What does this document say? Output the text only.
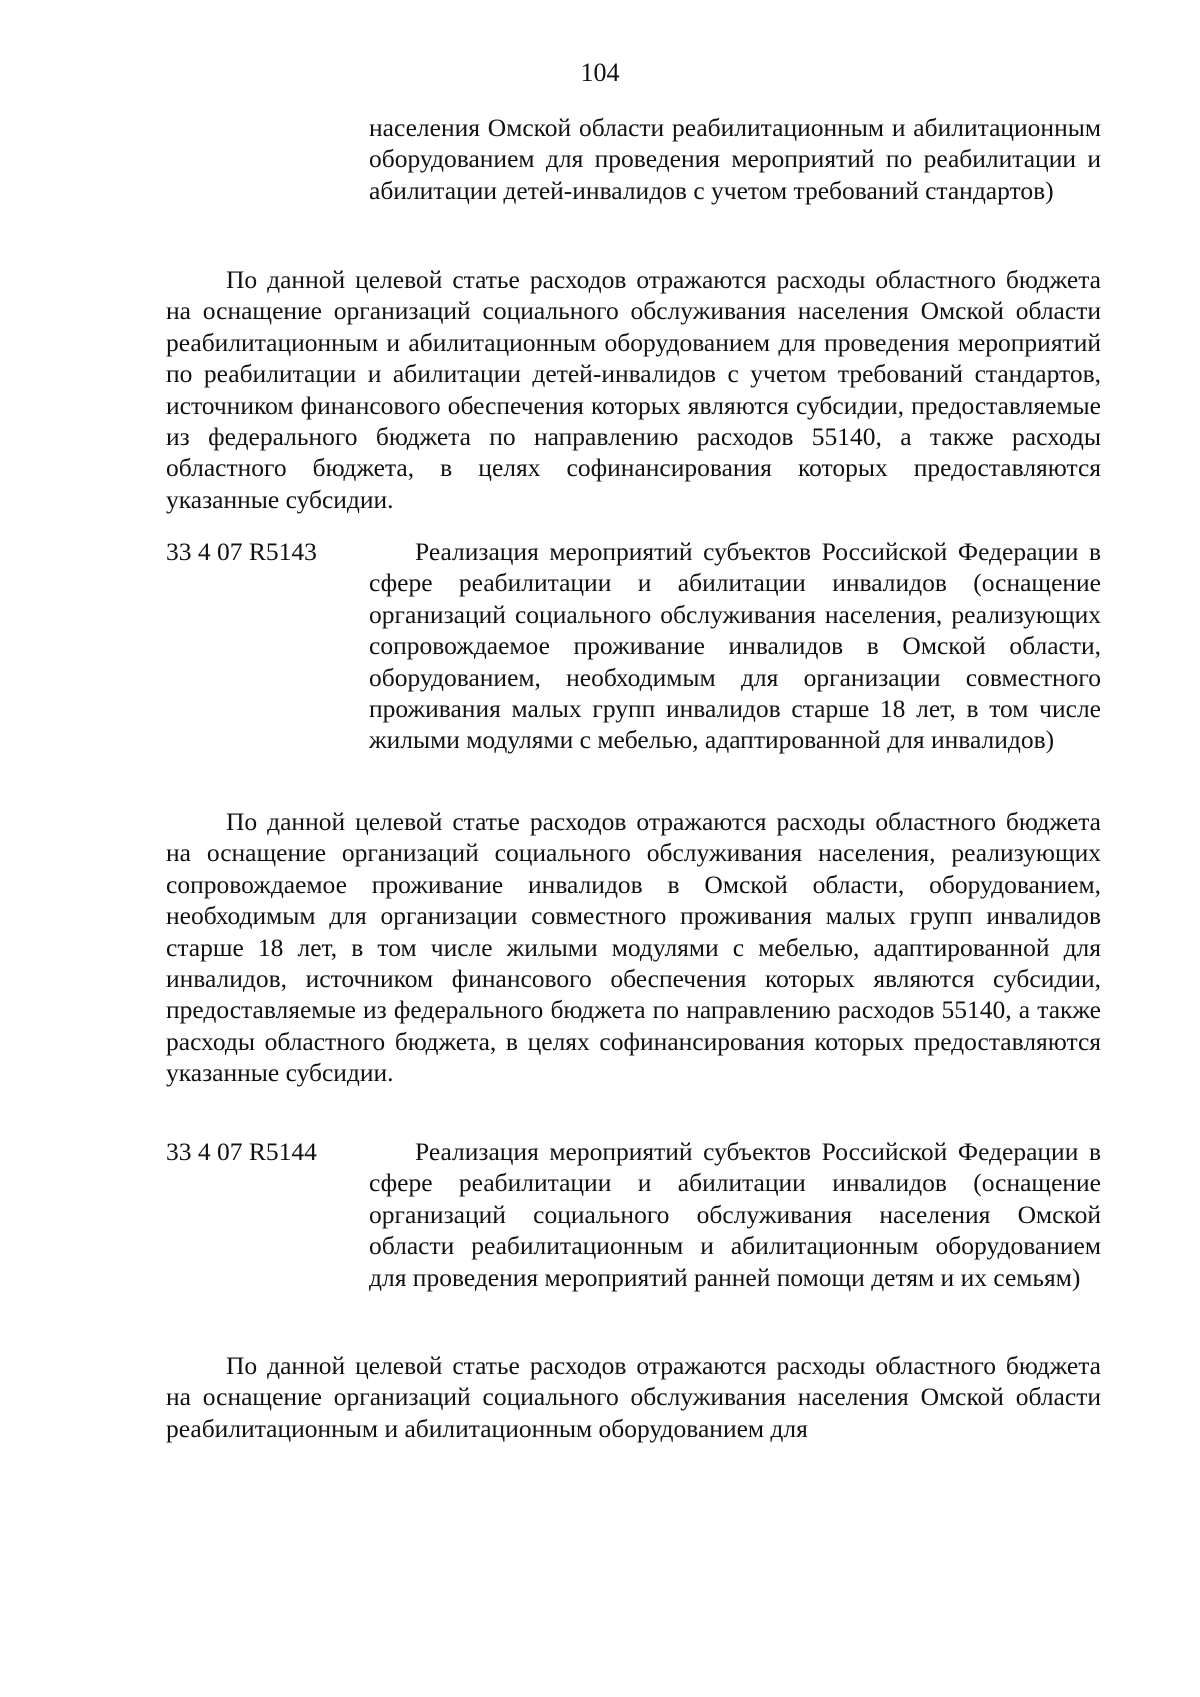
104
населения Омской области реабилитационным и абилитационным оборудованием для проведения мероприятий по реабилитации и абилитации детей-инвалидов с учетом требований стандартов)
По данной целевой статье расходов отражаются расходы областного бюджета на оснащение организаций социального обслуживания населения Омской области реабилитационным и абилитационным оборудованием для проведения мероприятий по реабилитации и абилитации детей-инвалидов с учетом требований стандартов, источником финансового обеспечения которых являются субсидии, предоставляемые из федерального бюджета по направлению расходов 55140, а также расходы областного бюджета, в целях софинансирования которых предоставляются указанные субсидии.
33 4 07 R5143	Реализация мероприятий субъектов Российской Федерации в сфере реабилитации и абилитации инвалидов (оснащение организаций социального обслуживания населения, реализующих сопровождаемое проживание инвалидов в Омской области, оборудованием, необходимым для организации совместного проживания малых групп инвалидов старше 18 лет, в том числе жилыми модулями с мебелью, адаптированной для инвалидов)
По данной целевой статье расходов отражаются расходы областного бюджета на оснащение организаций социального обслуживания населения, реализующих сопровождаемое проживание инвалидов в Омской области, оборудованием, необходимым для организации совместного проживания малых групп инвалидов старше 18 лет, в том числе жилыми модулями с мебелью, адаптированной для инвалидов, источником финансового обеспечения которых являются субсидии, предоставляемые из федерального бюджета по направлению расходов 55140, а также расходы областного бюджета, в целях софинансирования которых предоставляются указанные субсидии.
33 4 07 R5144	Реализация мероприятий субъектов Российской Федерации в сфере реабилитации и абилитации инвалидов (оснащение организаций социального обслуживания населения Омской области реабилитационным и абилитационным оборудованием для проведения мероприятий ранней помощи детям и их семьям)
По данной целевой статье расходов отражаются расходы областного бюджета на оснащение организаций социального обслуживания населения Омской области реабилитационным и абилитационным оборудованием для
